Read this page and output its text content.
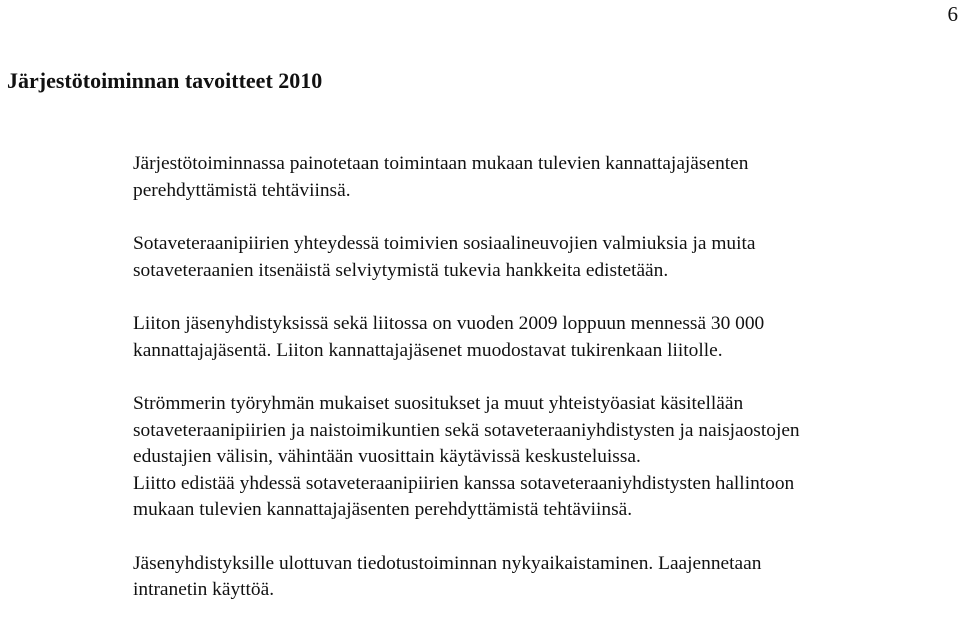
6
Järjestötoiminnan tavoitteet 2010

Järjestötoiminnassa painotetaan toimintaan mukaan tulevien kannattajajäsenten
perehdyttämistä tehtäviinsä.

Sotaveteraanipiirien yhteydessä toimivien sosiaalineuvojien valmiuksia ja muita
sotaveteraanien itsenäistä selviytymistä tukevia hankkeita edistetään.

Liiton jäsenyhdistyksissä sekä liitossa on vuoden 2009 loppuun mennessä 30 000
kannattajajäsentä. Liiton kannattajajäsenet muodostavat tukirenkaan liitolle.

Strömmerin työryhmän mukaiset suositukset ja muut yhteistyöasiat käsitellään
sotaveteraanipiirien ja naistoimikuntien sekä sotaveteraaniyhdistysten ja naisjaostojen
edustajien välisin, vähintään vuosittain käytävissä keskusteluissa.

Liitto edistää yhdessä sotaveteraanipiirien kanssa sotaveteraaniyhdistysten hallintoon
mukaan tulevien kannattajajäsenten perehdyttämistä tehtäviinsä.

Jäsenyhdistyksille ulottuvan tiedotustoiminnan nykyaikaistaminen. Laajennetaan
intranetin käyttöä.
